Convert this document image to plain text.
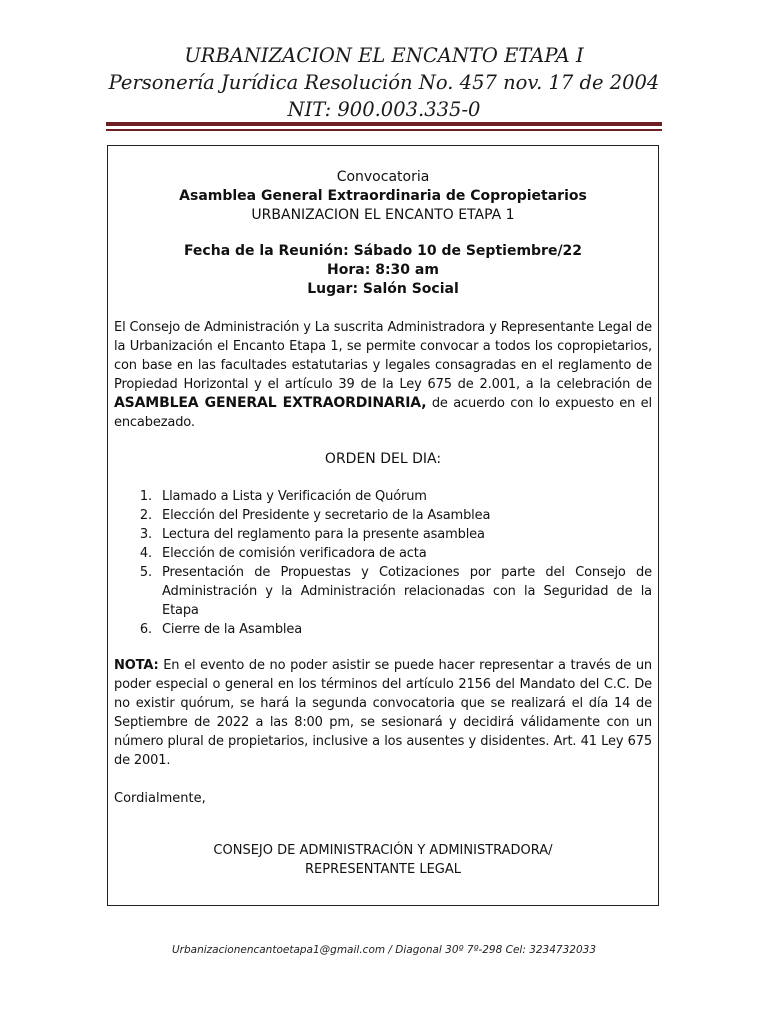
URBANIZACION EL ENCANTO ETAPA I
Personería Jurídica Resolución No. 457 nov. 17 de 2004
NIT: 900.003.335-0
Convocatoria
Asamblea General Extraordinaria de Copropietarios
URBANIZACION EL ENCANTO ETAPA 1
Fecha de la Reunión: Sábado 10 de Septiembre/22
Hora: 8:30 am
Lugar: Salón Social
El Consejo de Administración y La suscrita Administradora y Representante Legal de la Urbanización el Encanto Etapa 1, se permite convocar a todos los copropietarios, con base en las facultades estatutarias y legales consagradas en el reglamento de Propiedad Horizontal y el artículo 39 de la Ley 675 de 2.001, a la celebración de ASAMBLEA GENERAL EXTRAORDINARIA, de acuerdo con lo expuesto en el encabezado.
ORDEN DEL DIA:
1. Llamado a Lista y Verificación de Quórum
2. Elección del Presidente y secretario de la Asamblea
3. Lectura del reglamento para la presente asamblea
4. Elección de comisión verificadora de acta
5. Presentación de Propuestas y Cotizaciones por parte del Consejo de Administración y la Administración relacionadas con la Seguridad de la Etapa
6. Cierre de la Asamblea
NOTA: En el evento de no poder asistir se puede hacer representar a través de un poder especial o general en los términos del artículo 2156 del Mandato del C.C. De no existir quórum, se hará la segunda convocatoria que se realizará el día 14 de Septiembre de 2022 a las 8:00 pm, se sesionará y decidirá válidamente con un número plural de propietarios, inclusive a los ausentes y disidentes. Art. 41 Ley 675 de 2001.
Cordialmente,
CONSEJO DE ADMINISTRACIÓN Y ADMINISTRADORA/
REPRESENTANTE LEGAL
Urbanizacionencantoetapa1@gmail.com / Diagonal 30º 7º-298 Cel: 3234732033
